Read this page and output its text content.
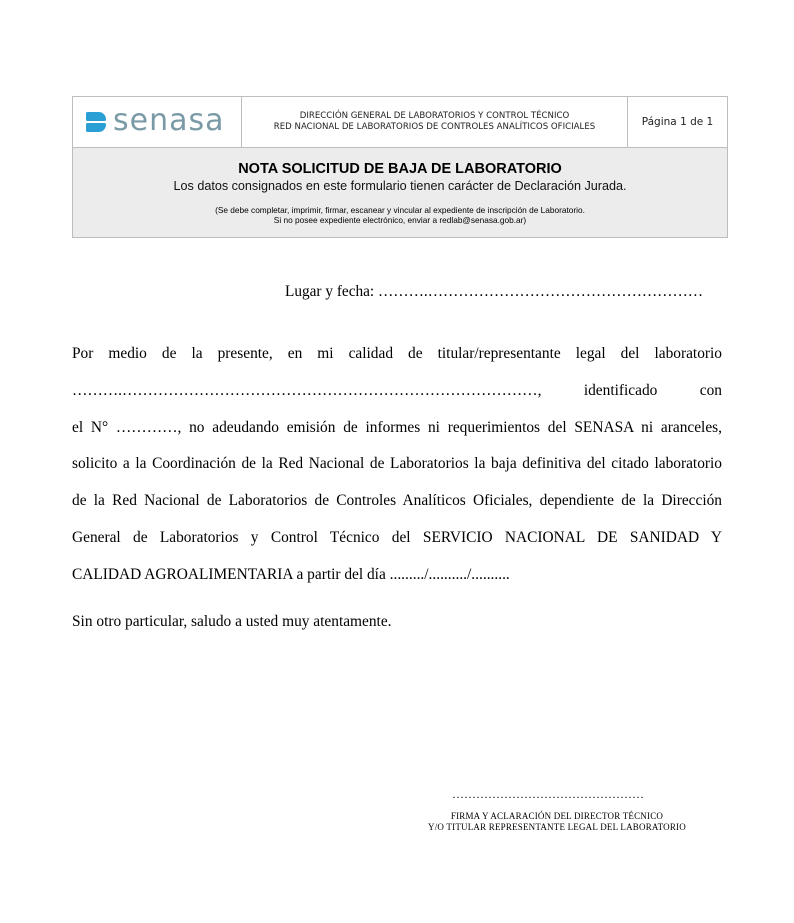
senasa	DIRECCIÓN GENERAL DE LABORATORIOS Y CONTROL TÉCNICO
RED NACIONAL DE LABORATORIOS DE CONTROLES ANALÍTICOS OFICIALES	Página 1 de 1
NOTA SOLICITUD DE BAJA DE LABORATORIO
Los datos consignados en este formulario tienen carácter de Declaración Jurada.
(Se debe completar, imprimir, firmar, escanear y vincular al expediente de inscripción de Laboratorio.
Si no posee expediente electrónico, enviar a redlab@senasa.gob.ar)
Lugar y fecha: ……….………………………………………………
Por medio de la presente, en mi calidad de titular/representante legal del laboratorio
……….………………………………………………………………………, identificado con
el N° …………, no adeudando emisión de informes ni requerimientos del SENASA ni aranceles,
solicito a la Coordinación de la Red Nacional de Laboratorios la baja definitiva del citado laboratorio
de la Red Nacional de Laboratorios de Controles Analíticos Oficiales, dependiente de la Dirección
General de Laboratorios y Control Técnico del SERVICIO NACIONAL DE SANIDAD Y
CALIDAD AGROALIMENTARIA a partir del día ........./........../..........
Sin otro particular, saludo a usted muy atentamente.
…………………………………………
FIRMA Y ACLARACIÓN DEL DIRECTOR TÉCNICO
Y/O TITULAR REPRESENTANTE LEGAL DEL LABORATORIO
